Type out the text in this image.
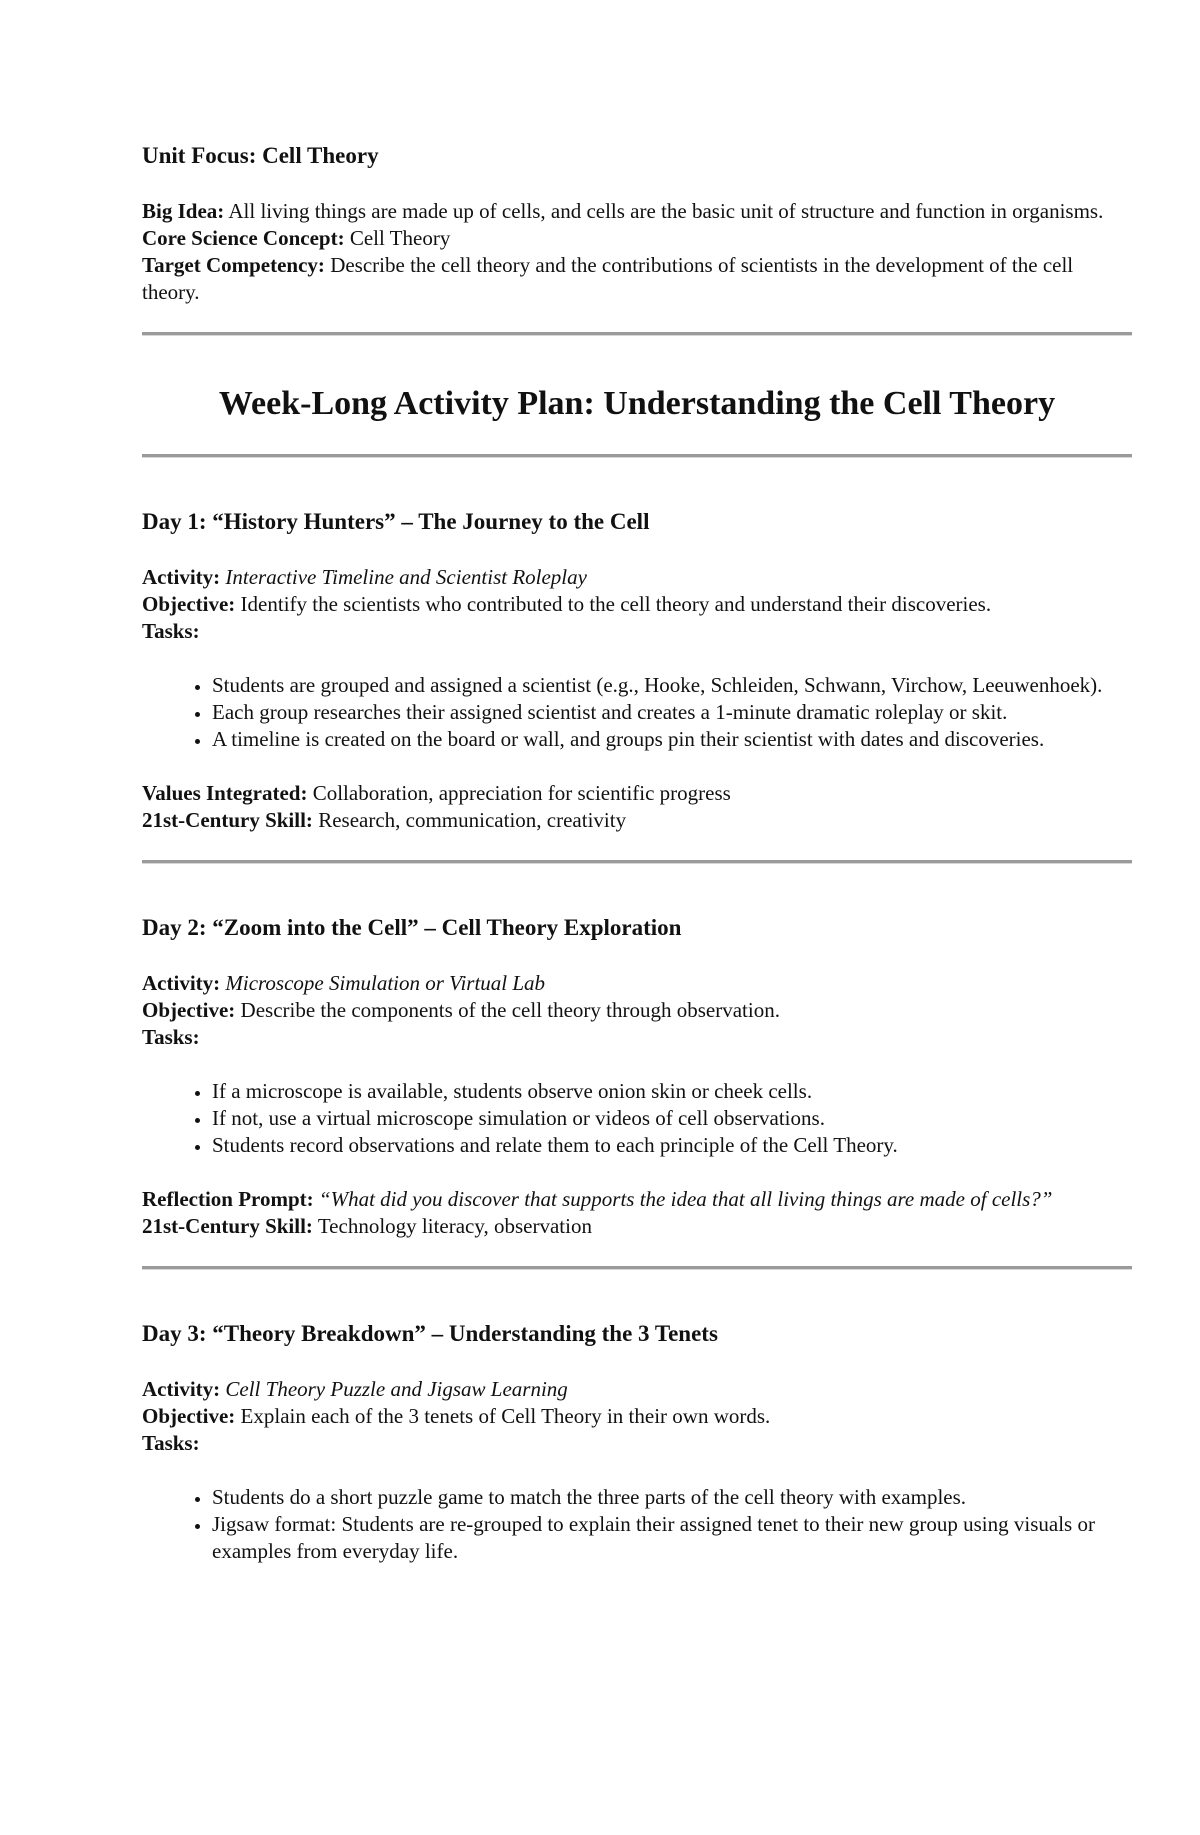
Unit Focus: Cell Theory

Big Idea: All living things are made up of cells, and cells are the basic unit of structure and function in organisms.

Core Science Concept: Cell Theory

Target Competency: Describe the cell theory and the contributions of scientists in the development of the cell theory.

Week-Long Activity Plan: Understanding the Cell Theory

Day 1: “History Hunters” – The Journey to the Cell

Activity: Interactive Timeline and Scientist Roleplay

Objective: Identify the scientists who contributed to the cell theory and understand their discoveries.

Tasks:

• Students are grouped and assigned a scientist (e.g., Hooke, Schleiden, Schwann, Virchow, Leeuwenhoek).
• Each group researches their assigned scientist and creates a 1-minute dramatic roleplay or skit.
• A timeline is created on the board or wall, and groups pin their scientist with dates and discoveries.

Values Integrated: Collaboration, appreciation for scientific progress

21st-Century Skill: Research, communication, creativity

Day 2: “Zoom into the Cell” – Cell Theory Exploration

Activity: Microscope Simulation or Virtual Lab

Objective: Describe the components of the cell theory through observation.

Tasks:

• If a microscope is available, students observe onion skin or cheek cells.
• If not, use a virtual microscope simulation or videos of cell observations.
• Students record observations and relate them to each principle of the Cell Theory.

Reflection Prompt: “What did you discover that supports the idea that all living things are made of cells?”

21st-Century Skill: Technology literacy, observation

Day 3: “Theory Breakdown” – Understanding the 3 Tenets

Activity: Cell Theory Puzzle and Jigsaw Learning

Objective: Explain each of the 3 tenets of Cell Theory in their own words.

Tasks:

• Students do a short puzzle game to match the three parts of the cell theory with examples.
• Jigsaw format: Students are re-grouped to explain their assigned tenet to their new group using visuals or examples from everyday life.
